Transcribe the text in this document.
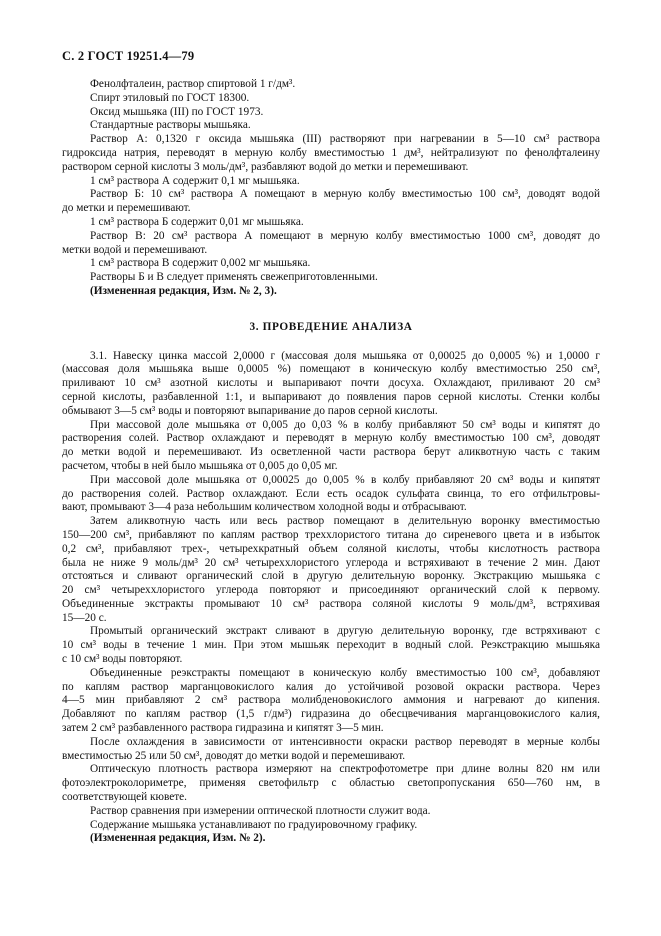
С. 2 ГОСТ 19251.4—79
Фенолфталеин, раствор спиртовой 1 г/дм³.
Спирт этиловый по ГОСТ 18300.
Оксид мышьяка (III) по ГОСТ 1973.
Стандартные растворы мышьяка.
Раствор А: 0,1320 г оксида мышьяка (III) растворяют при нагревании в 5—10 см³ раствора
гидроксида натрия, переводят в мерную колбу вместимостью 1 дм³, нейтрализуют по фенолфталеину
раствором серной кислоты 3 моль/дм³, разбавляют водой до метки и перемешивают.
1 см³ раствора А содержит 0,1 мг мышьяка.
Раствор Б: 10 см³ раствора А помещают в мерную колбу вместимостью 100 см³, доводят водой
до метки и перемешивают.
1 см³ раствора Б содержит 0,01 мг мышьяка.
Раствор В: 20 см³ раствора А помещают в мерную колбу вместимостью 1000 см³, доводят до
метки водой и перемешивают.
1 см³ раствора В содержит 0,002 мг мышьяка.
Растворы Б и В следует применять свежеприготовленными.
(Измененная редакция, Изм. № 2, 3).
3. ПРОВЕДЕНИЕ АНАЛИЗА
3.1. Навеску цинка массой 2,0000 г (массовая доля мышьяка от 0,00025 до 0,0005 %) и 1,0000 г
(массовая доля мышьяка выше 0,0005 %) помещают в коническую колбу вместимостью 250 см³,
приливают 10 см³ азотной кислоты и выпаривают почти досуха. Охлаждают, приливают 20 см³
серной кислоты, разбавленной 1:1, и выпаривают до появления паров серной кислоты. Стенки колбы
обмывают 3—5 см³ воды и повторяют выпаривание до паров серной кислоты.
При массовой доле мышьяка от 0,005 до 0,03 % в колбу прибавляют 50 см³ воды и кипятят до
растворения солей. Раствор охлаждают и переводят в мерную колбу вместимостью 100 см³, доводят
до метки водой и перемешивают. Из осветленной части раствора берут аликвотную часть с таким
расчетом, чтобы в ней было мышьяка от 0,005 до 0,05 мг.
При массовой доле мышьяка от 0,00025 до 0,005 % в колбу прибавляют 20 см³ воды и кипятят
до растворения солей. Раствор охлаждают. Если есть осадок сульфата свинца, то его отфильтровы-
вают, промывают 3—4 раза небольшим количеством холодной воды и отбрасывают.
Затем аликвотную часть или весь раствор помещают в делительную воронку вместимостью
150—200 см³, прибавляют по каплям раствор треххлористого титана до сиреневого цвета и в избыток
0,2 см³, прибавляют трех-, четырехкратный объем соляной кислоты, чтобы кислотность раствора
была не ниже 9 моль/дм³ 20 см³ четыреххлористого углерода и встряхивают в течение 2 мин. Дают
отстояться и сливают органический слой в другую делительную воронку. Экстракцию мышьяка с
20 см³ четыреххлористого углерода повторяют и присоединяют органический слой к первому.
Объединенные экстракты промывают 10 см³ раствора соляной кислоты 9 моль/дм³, встряхивая
15—20 с.
Промытый органический экстракт сливают в другую делительную воронку, где встряхивают с
10 см³ воды в течение 1 мин. При этом мышьяк переходит в водный слой. Реэкстракцию мышьяка
с 10 см³ воды повторяют.
Объединенные реэкстракты помещают в коническую колбу вместимостью 100 см³, добавляют
по каплям раствор марганцовокислого калия до устойчивой розовой окраски раствора. Через
4—5 мин прибавляют 2 см³ раствора молибденовокислого аммония и нагревают до кипения.
Добавляют по каплям раствор (1,5 г/дм³) гидразина до обесцвечивания марганцовокислого калия,
затем 2 см³ разбавленного раствора гидразина и кипятят 3—5 мин.
После охлаждения в зависимости от интенсивности окраски раствор переводят в мерные колбы
вместимостью 25 или 50 см³, доводят до метки водой и перемешивают.
Оптическую плотность раствора измеряют на спектрофотометре при длине волны 820 нм или
фотоэлектроколориметре, применяя светофильтр с областью светопропускания 650—760 нм, в
соответствующей кювете.
Раствор сравнения при измерении оптической плотности служит вода.
Содержание мышьяка устанавливают по градуировочному графику.
(Измененная редакция, Изм. № 2).
